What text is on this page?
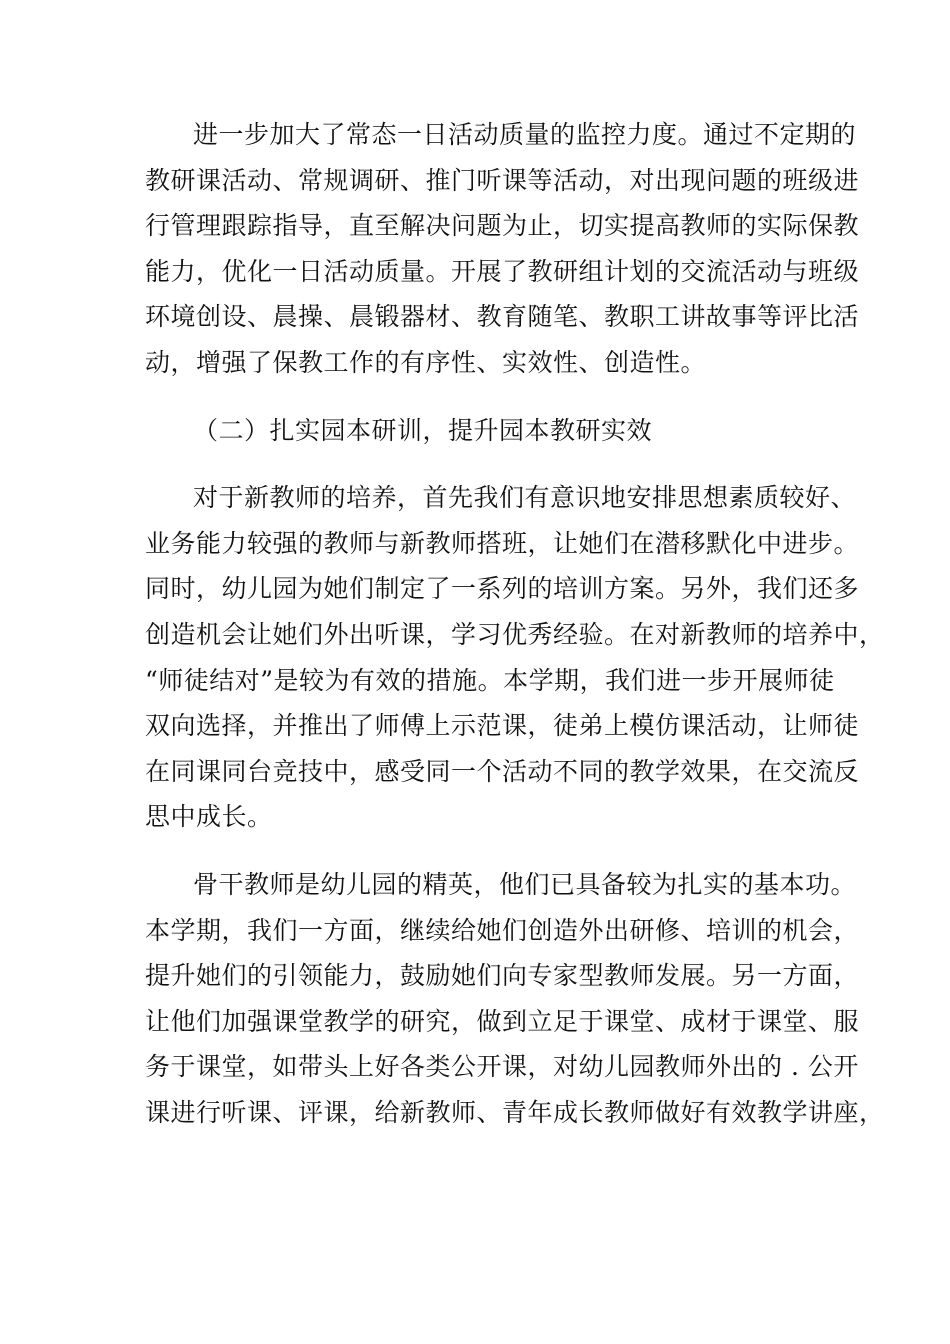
进一步加大了常态一日活动质量的监控力度。通过不定期的
教研课活动、常规调研、推门听课等活动，对出现问题的班级进
行管理跟踪指导，直至解决问题为止，切实提高教师的实际保教
能力，优化一日活动质量。开展了教研组计划的交流活动与班级
环境创设、晨操、晨锻器材、教育随笔、教职工讲故事等评比活
动，增强了保教工作的有序性、实效性、创造性。
（二）扎实园本研训，提升园本教研实效
对于新教师的培养，首先我们有意识地安排思想素质较好、
业务能力较强的教师与新教师搭班，让她们在潜移默化中进步。
同时，幼儿园为她们制定了一系列的培训方案。另外，我们还多
创造机会让她们外出听课，学习优秀经验。在对新教师的培养中，
“师徒结对”是较为有效的措施。本学期，我们进一步开展师徒
双向选择，并推出了师傅上示范课，徒弟上模仿课活动，让师徒
在同课同台竞技中，感受同一个活动不同的教学效果，在交流反
思中成长。
骨干教师是幼儿园的精英，他们已具备较为扎实的基本功。
本学期，我们一方面，继续给她们创造外出研修、培训的机会，
提升她们的引领能力，鼓励她们向专家型教师发展。另一方面，
让他们加强课堂教学的研究，做到立足于课堂、成材于课堂、服
务于课堂，如带头上好各类公开课，对幼儿园教师外出的 . 公开
课进行听课、评课，给新教师、青年成长教师做好有效教学讲座，
